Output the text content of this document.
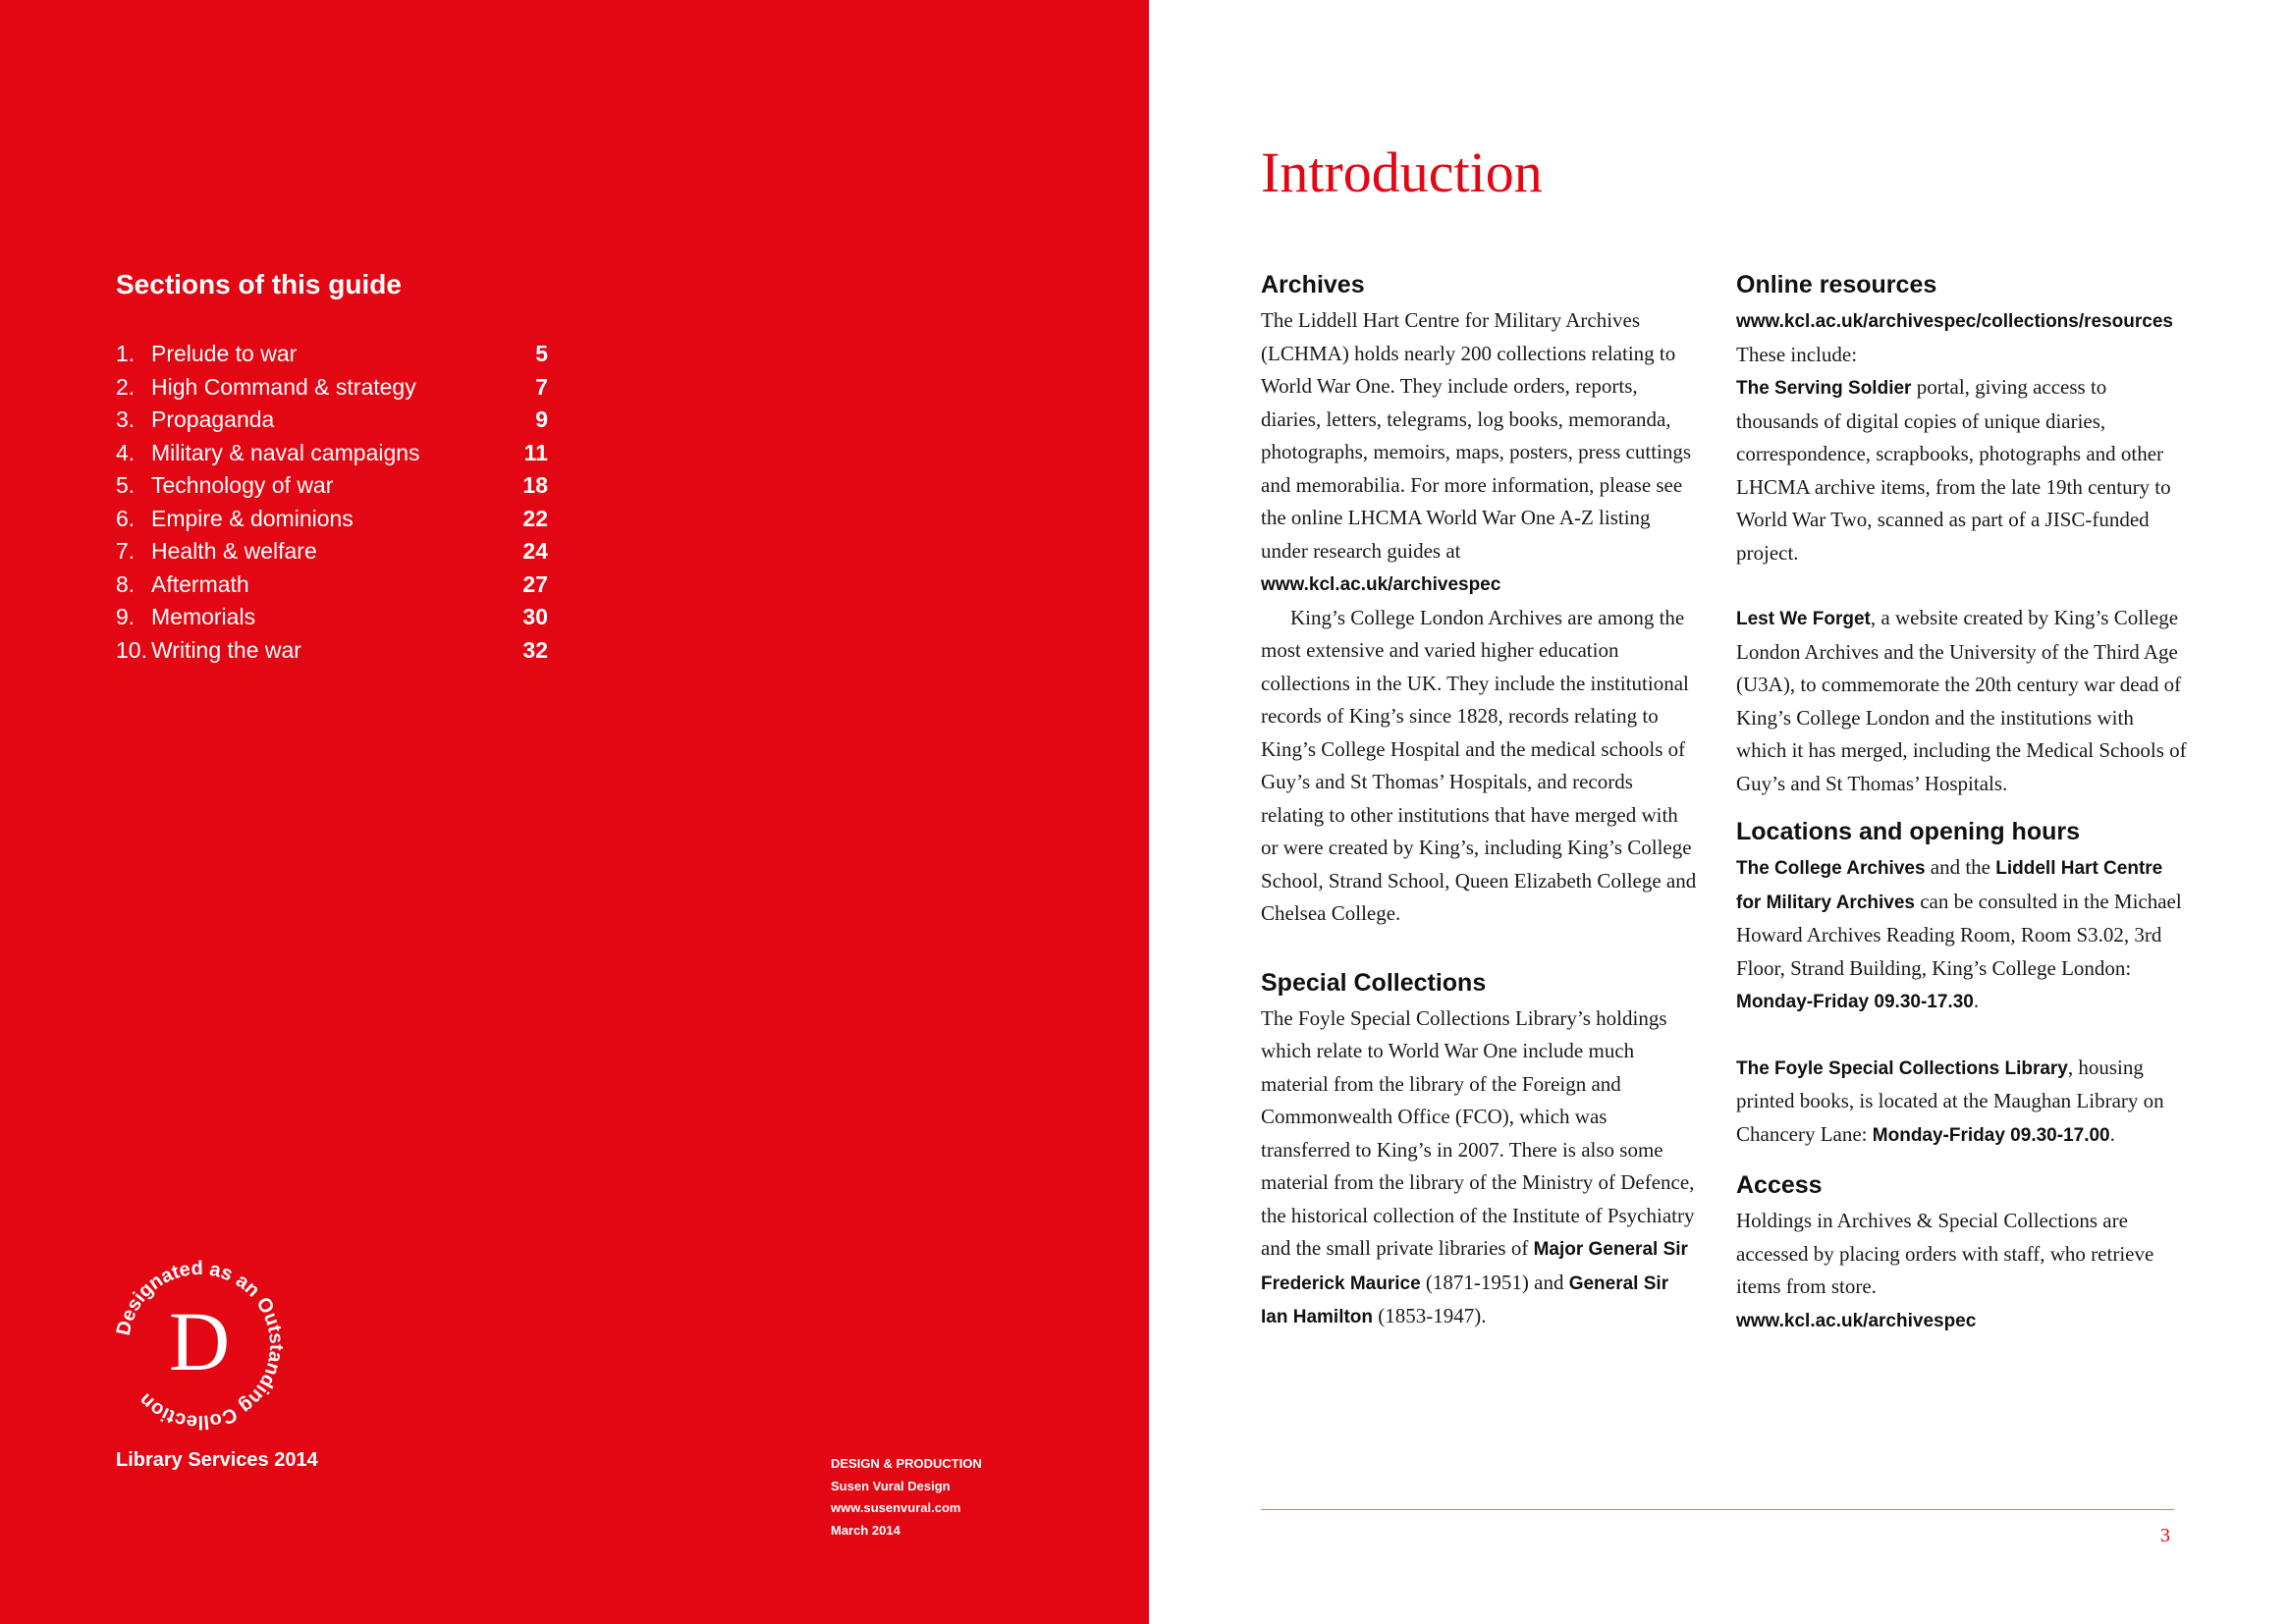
Sections of this guide
1. Prelude to war	5
2. High Command & strategy	7
3. Propaganda	9
4. Military & naval campaigns	11
5. Technology of war	18
6. Empire & dominions	22
7. Health & welfare	24
8. Aftermath	27
9. Memorials	30
10. Writing the war	32
Designated as an Outstanding Collection
D
Library Services 2014	DESIGN & PRODUCTION
Susen Vural Design
www.susenvural.com
March 2014
Introduction
Archives

The Liddell Hart Centre for Military Archives (LCHMA) holds nearly 200 collections relating to World War One. They include orders, reports, diaries, letters, telegrams, log books, memoranda, photographs, memoirs, maps, posters, press cuttings and memorabilia. For more information, please see the online LHCMA World War One A-Z listing under research guides at www.kcl.ac.uk/archivespec

King’s College London Archives are among the most extensive and varied higher education collections in the UK. They include the institutional records of King’s since 1828, records relating to King’s College Hospital and the medical schools of Guy’s and St Thomas’ Hospitals, and records relating to other institutions that have merged with or were created by King’s, including King’s College School, Strand School, Queen Elizabeth College and Chelsea College.

Special Collections

The Foyle Special Collections Library’s holdings which relate to World War One include much material from the library of the Foreign and Commonwealth Office (FCO), which was transferred to King’s in 2007. There is also some material from the library of the Ministry of Defence, the historical collection of the Institute of Psychiatry and the small private libraries of Major General Sir Frederick Maurice (1871-1951) and General Sir Ian Hamilton (1853-1947).

Online resources

www.kcl.ac.uk/archivespec/collections/resources

These include:

The Serving Soldier portal, giving access to thousands of digital copies of unique diaries, correspondence, scrapbooks, photographs and other LHCMA archive items, from the late 19th century to World War Two, scanned as part of a JISC-funded project.

Lest We Forget, a website created by King’s College London Archives and the University of the Third Age (U3A), to commemorate the 20th century war dead of King’s College London and the institutions with which it has merged, including the Medical Schools of Guy’s and St Thomas’ Hospitals.

Locations and opening hours

The College Archives and the Liddell Hart Centre for Military Archives can be consulted in the Michael Howard Archives Reading Room, Room S3.02, 3rd Floor, Strand Building, King’s College London: Monday-Friday 09.30-17.30.

The Foyle Special Collections Library, housing printed books, is located at the Maughan Library on Chancery Lane: Monday-Friday 09.30-17.00.

Access

Holdings in Archives & Special Collections are accessed by placing orders with staff, who retrieve items from store.

www.kcl.ac.uk/archivespec

3
